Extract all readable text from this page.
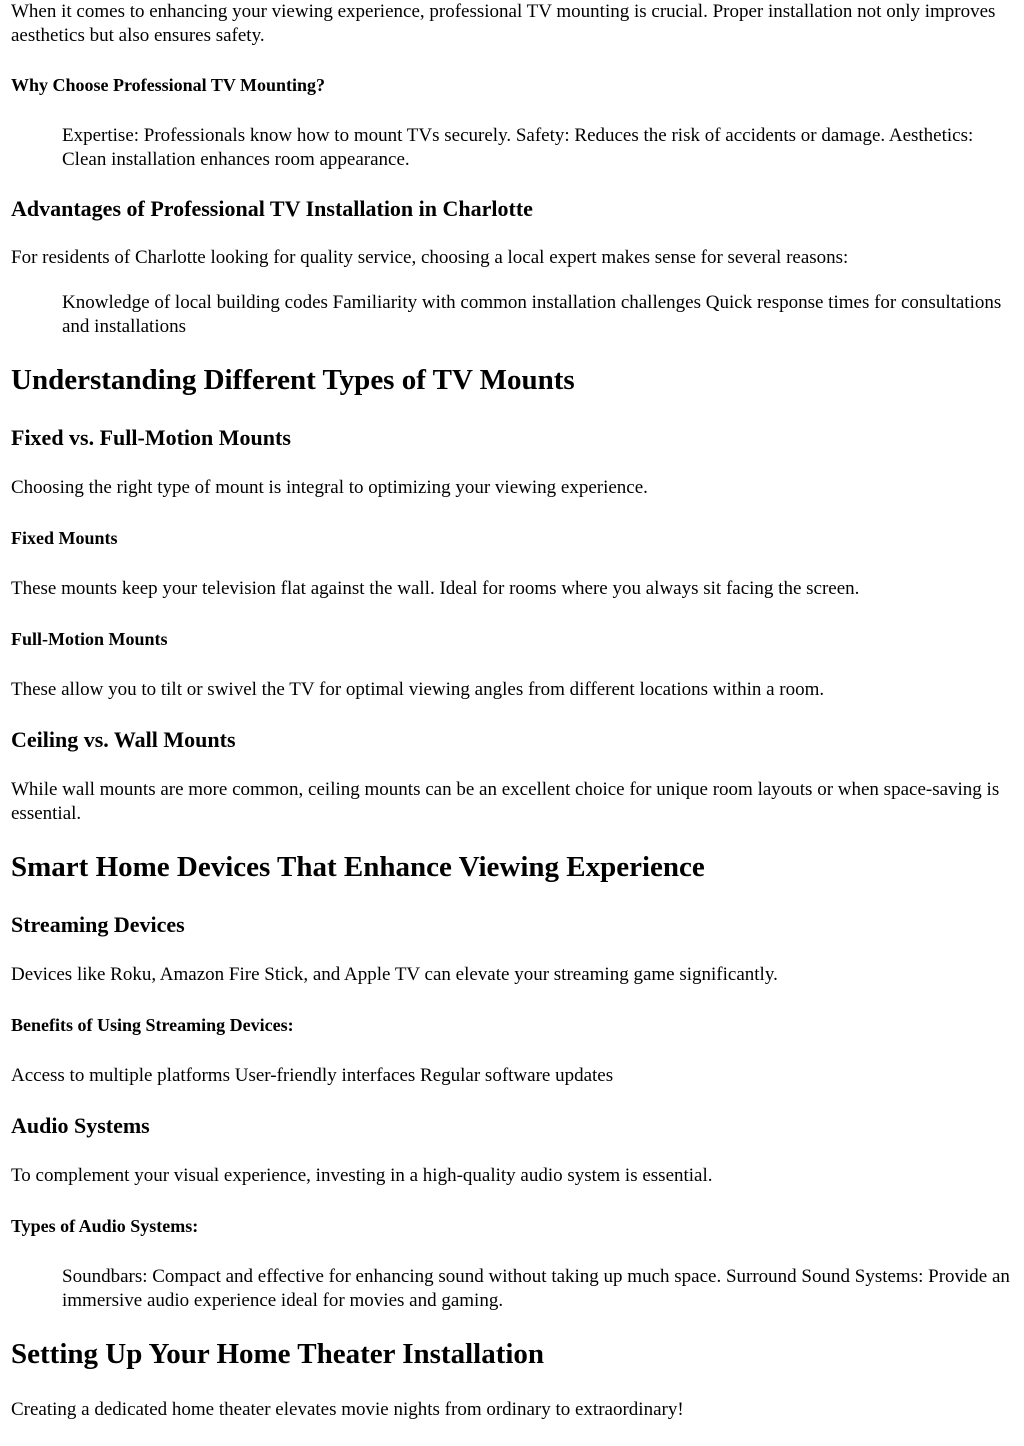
When it comes to enhancing your viewing experience, professional TV mounting is crucial. Proper installation not only improves aesthetics but also ensures safety.

Why Choose Professional TV Mounting?

Expertise: Professionals know how to mount TVs securely. Safety: Reduces the risk of accidents or damage. Aesthetics: Clean installation enhances room appearance.

Advantages of Professional TV Installation in Charlotte

For residents of Charlotte looking for quality service, choosing a local expert makes sense for several reasons:

Knowledge of local building codes Familiarity with common installation challenges Quick response times for consultations and installations

Understanding Different Types of TV Mounts
Fixed vs. Full-Motion Mounts

Choosing the right type of mount is integral to optimizing your viewing experience.

Fixed Mounts

These mounts keep your television flat against the wall. Ideal for rooms where you always sit facing the screen.

Full-Motion Mounts

These allow you to tilt or swivel the TV for optimal viewing angles from different locations within a room.

Ceiling vs. Wall Mounts

While wall mounts are more common, ceiling mounts can be an excellent choice for unique room layouts or when space-saving is essential.

Smart Home Devices That Enhance Viewing Experience
Streaming Devices

Devices like Roku, Amazon Fire Stick, and Apple TV can elevate your streaming game significantly.

Benefits of Using Streaming Devices:

Access to multiple platforms User-friendly interfaces Regular software updates

Audio Systems

To complement your visual experience, investing in a high-quality audio system is essential.

Types of Audio Systems:

Soundbars: Compact and effective for enhancing sound without taking up much space. Surround Sound Systems: Provide an immersive audio experience ideal for movies and gaming.

Setting Up Your Home Theater Installation

Creating a dedicated home theater elevates movie nights from ordinary to extraordinary!
